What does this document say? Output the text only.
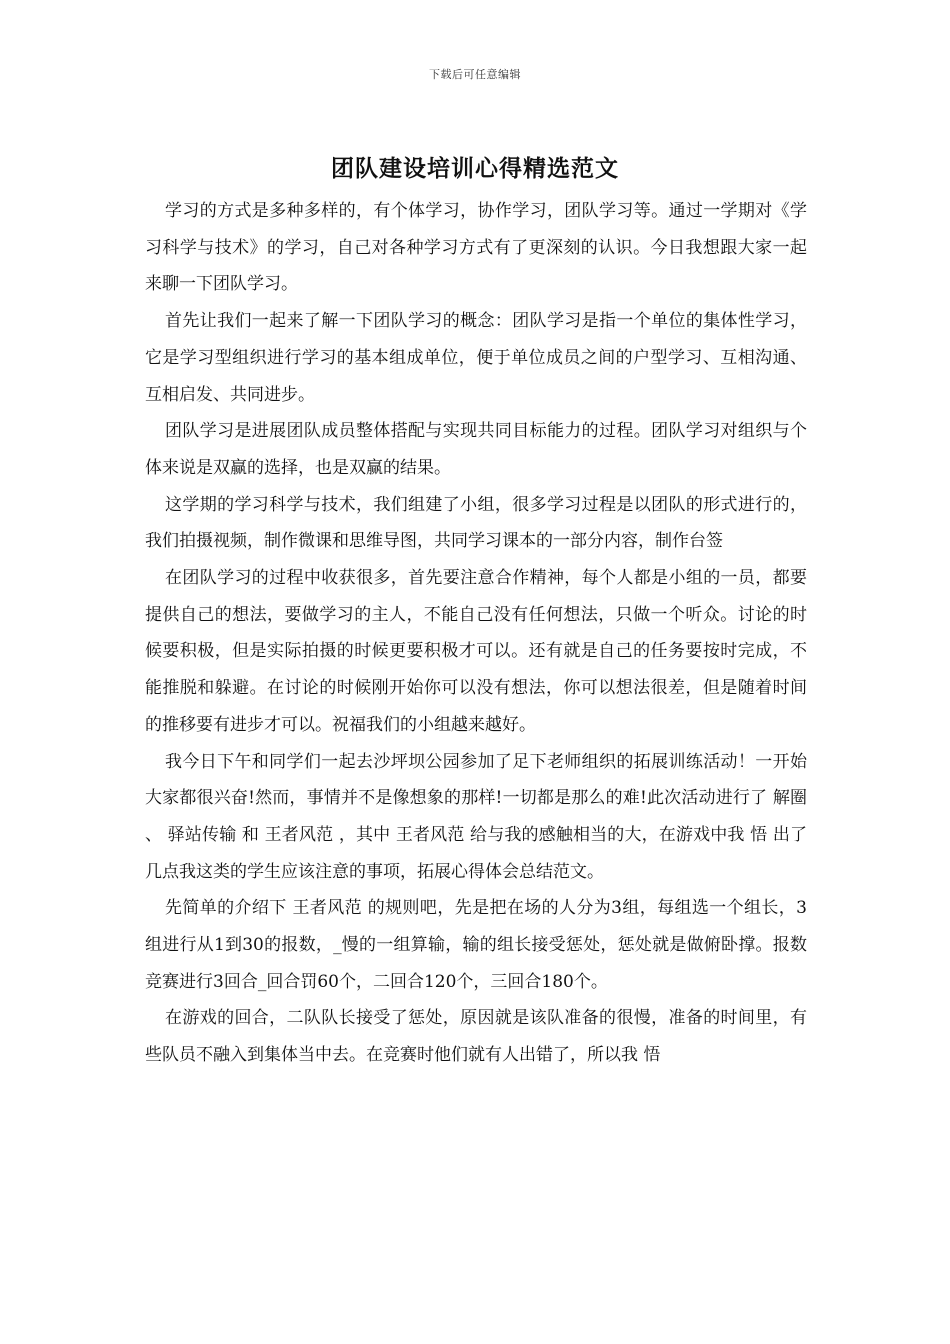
下载后可任意编辑
团队建设培训心得精选范文

学习的方式是多种多样的，有个体学习，协作学习，团队学习等。通过一学期对《学习科学与技术》的学习，自己对各种学习方式有了更深刻的认识。今日我想跟大家一起来聊一下团队学习。

首先让我们一起来了解一下团队学习的概念：团队学习是指一个单位的集体性学习，它是学习型组织进行学习的基本组成单位，便于单位成员之间的户型学习、互相沟通、互相启发、共同进步。

团队学习是进展团队成员整体搭配与实现共同目标能力的过程。团队学习对组织与个体来说是双赢的选择，也是双赢的结果。

这学期的学习科学与技术，我们组建了小组，很多学习过程是以团队的形式进行的，我们拍摄视频，制作微课和思维导图，共同学习课本的一部分内容，制作台签

在团队学习的过程中收获很多，首先要注意合作精神，每个人都是小组的一员，都要提供自己的想法，要做学习的主人，不能自己没有任何想法，只做一个听众。讨论的时候要积极，但是实际拍摄的时候更要积极才可以。还有就是自己的任务要按时完成，不能推脱和躲避。在讨论的时候刚开始你可以没有想法，你可以想法很差，但是随着时间的推移要有进步才可以。祝福我们的小组越来越好。

我今日下午和同学们一起去沙坪坝公园参加了足下老师组织的拓展训练活动！一开始大家都很兴奋!然而，事情并不是像想象的那样!一切都是那么的难!此次活动进行了 解圈 、 驿站传输 和 王者风范 ，其中 王者风范 给与我的感触相当的大，在游戏中我 悟 出了几点我这类的学生应该注意的事项，拓展心得体会总结范文。

先简单的介绍下 王者风范 的规则吧，先是把在场的人分为3组，每组选一个组长，3组进行从1到30的报数，_慢的一组算输，输的组长接受惩处，惩处就是做俯卧撑。报数竞赛进行3回合_回合罚60个，二回合120个，三回合180个。

在游戏的回合，二队队长接受了惩处，原因就是该队准备的很慢，准备的时间里，有些队员不融入到集体当中去。在竞赛时他们就有人出错了，所以我 悟
